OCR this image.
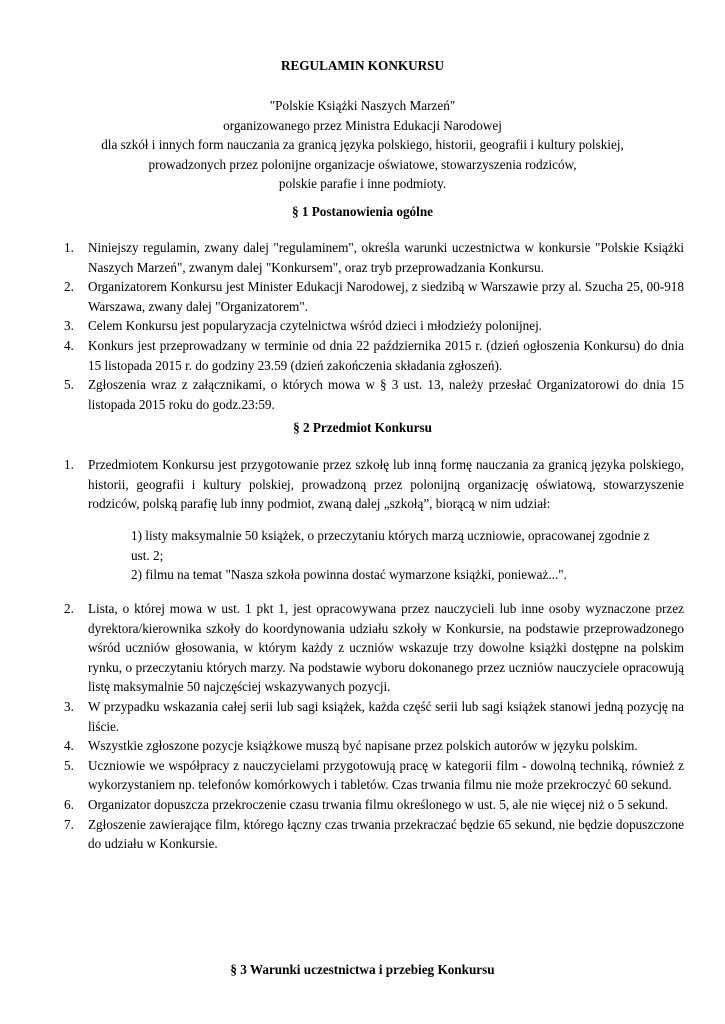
REGULAMIN KONKURSU
"Polskie Książki Naszych Marzeń"
organizowanego przez Ministra Edukacji Narodowej
dla szkół i innych form nauczania za granicą języka polskiego, historii, geografii i kultury polskiej,
prowadzonych przez polonijne organizacje oświatowe, stowarzyszenia rodziców,
polskie parafie i inne podmioty.
§ 1 Postanowienia ogólne
1. Niniejszy regulamin, zwany dalej "regulaminem", określa warunki uczestnictwa w konkursie "Polskie Książki Naszych Marzeń", zwanym dalej "Konkursem", oraz tryb przeprowadzania Konkursu.
2. Organizatorem Konkursu jest Minister Edukacji Narodowej, z siedzibą w Warszawie przy al. Szucha 25, 00-918 Warszawa, zwany dalej "Organizatorem".
3. Celem Konkursu jest popularyzacja czytelnictwa wśród dzieci i młodzieży polonijnej.
4. Konkurs jest przeprowadzany w terminie od dnia 22 października 2015 r. (dzień ogłoszenia Konkursu) do dnia 15 listopada 2015 r. do godziny 23.59 (dzień zakończenia składania zgłoszeń).
5. Zgłoszenia wraz z załącznikami, o których mowa w § 3 ust. 13, należy przesłać Organizatorowi do dnia 15 listopada 2015 roku do godz.23:59.
§ 2 Przedmiot Konkursu
1. Przedmiotem Konkursu jest przygotowanie przez szkołę lub inną formę nauczania za granicą języka polskiego, historii, geografii i kultury polskiej, prowadzoną przez polonijną organizację oświatową, stowarzyszenie rodziców, polską parafię lub inny podmiot, zwaną dalej „szkołą”, biorącą w nim udział:
1) listy maksymalnie 50 książek, o przeczytaniu których marzą uczniowie, opracowanej zgodnie z ust. 2;
2) filmu na temat "Nasza szkoła powinna dostać wymarzone książki, ponieważ...".
2. Lista, o której mowa w ust. 1 pkt 1, jest opracowywana przez nauczycieli lub inne osoby wyznaczone przez dyrektora/kierownika szkoły do koordynowania udziału szkoły w Konkursie, na podstawie przeprowadzonego wśród uczniów głosowania, w którym każdy z uczniów wskazuje trzy dowolne książki dostępne na polskim rynku, o przeczytaniu których marzy. Na podstawie wyboru dokonanego przez uczniów nauczyciele opracowują listę maksymalnie 50 najczęściej wskazywanych pozycji.
3. W przypadku wskazania całej serii lub sagi książek, każda część serii lub sagi książek stanowi jedną pozycję na liście.
4. Wszystkie zgłoszone pozycje książkowe muszą być napisane przez polskich autorów w języku polskim.
5. Uczniowie we współpracy z nauczycielami przygotowują pracę w kategorii film - dowolną techniką, również z wykorzystaniem np. telefonów komórkowych i tabletów. Czas trwania filmu nie może przekroczyć 60 sekund.
6. Organizator dopuszcza przekroczenie czasu trwania filmu określonego w ust. 5, ale nie więcej niż o 5 sekund.
7. Zgłoszenie zawierające film, którego łączny czas trwania przekraczać będzie 65 sekund, nie będzie dopuszczone do udziału w Konkursie.
§ 3 Warunki uczestnictwa i przebieg Konkursu
